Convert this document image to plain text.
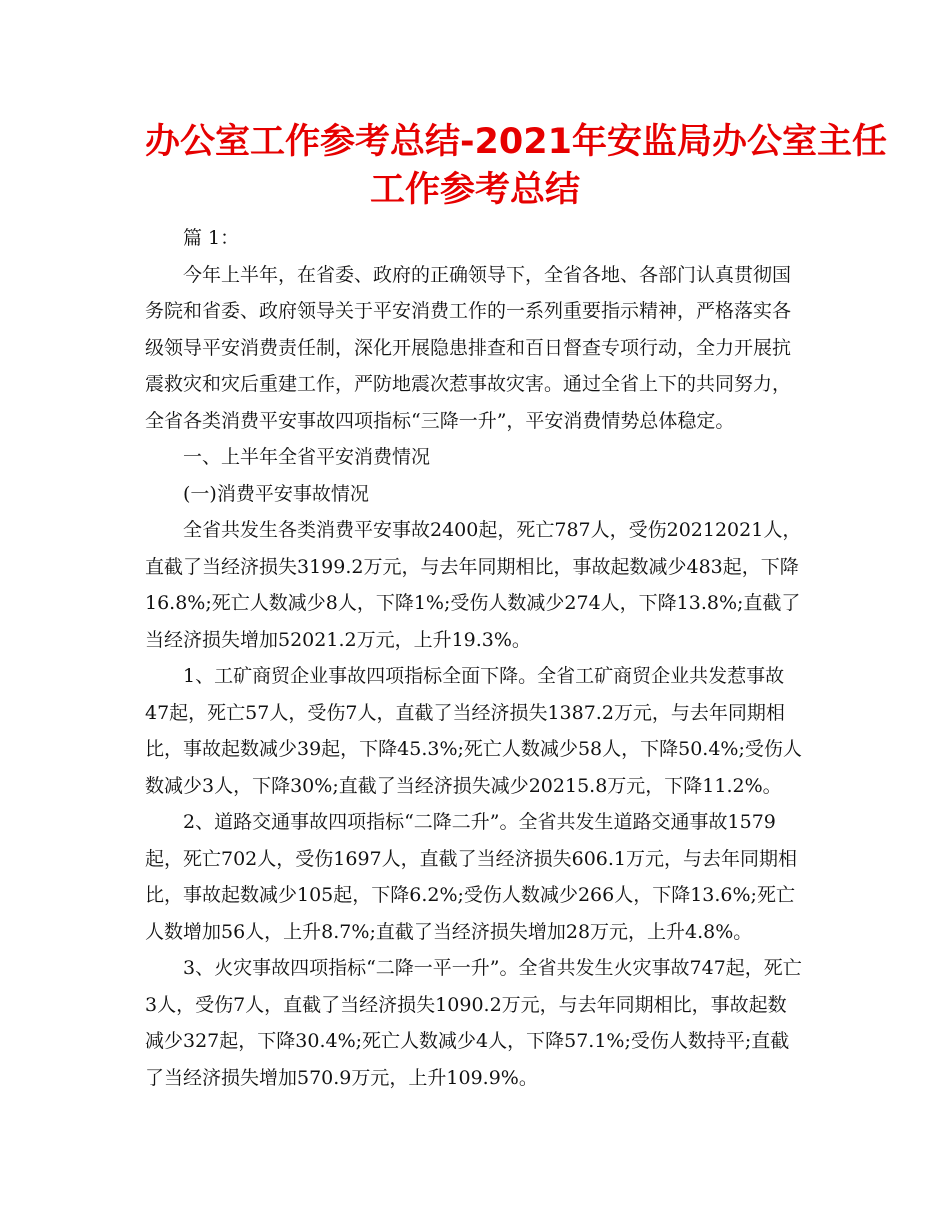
办公室工作参考总结-2021年安监局办公室主任
工作参考总结

篇 1：

今年上半年，在省委、政府的正确领导下，全省各地、各部门认真贯彻国务院和省委、政府领导关于平安消费工作的一系列重要指示精神，严格落实各级领导平安消费责任制，深化开展隐患排查和百日督查专项行动，全力开展抗震救灾和灾后重建工作，严防地震次惹事故灾害。通过全省上下的共同努力，全省各类消费平安事故四项指标“三降一升”，平安消费情势总体稳定。

一、上半年全省平安消费情况

(一)消费平安事故情况

全省共发生各类消费平安事故2400起，死亡787人，受伤20212021人，直截了当经济损失3199.2万元，与去年同期相比，事故起数减少483起，下降16.8%;死亡人数减少8人，下降1%;受伤人数减少274人，下降13.8%;直截了当经济损失增加52021.2万元，上升19.3%。

1、工矿商贸企业事故四项指标全面下降。全省工矿商贸企业共发惹事故47起，死亡57人，受伤7人，直截了当经济损失1387.2万元，与去年同期相比，事故起数减少39起，下降45.3%;死亡人数减少58人，下降50.4%;受伤人数减少3人，下降30%;直截了当经济损失减少20215.8万元，下降11.2%。

2、道路交通事故四项指标“二降二升”。全省共发生道路交通事故1579起，死亡702人，受伤1697人，直截了当经济损失606.1万元，与去年同期相比，事故起数减少105起，下降6.2%;受伤人数减少266人，下降13.6%;死亡人数增加56人，上升8.7%;直截了当经济损失增加28万元，上升4.8%。

3、火灾事故四项指标“二降一平一升”。全省共发生火灾事故747起，死亡3人，受伤7人，直截了当经济损失1090.2万元，与去年同期相比，事故起数减少327起，下降30.4%;死亡人数减少4人，下降57.1%;受伤人数持平;直截了当经济损失增加570.9万元，上升109.9%。
